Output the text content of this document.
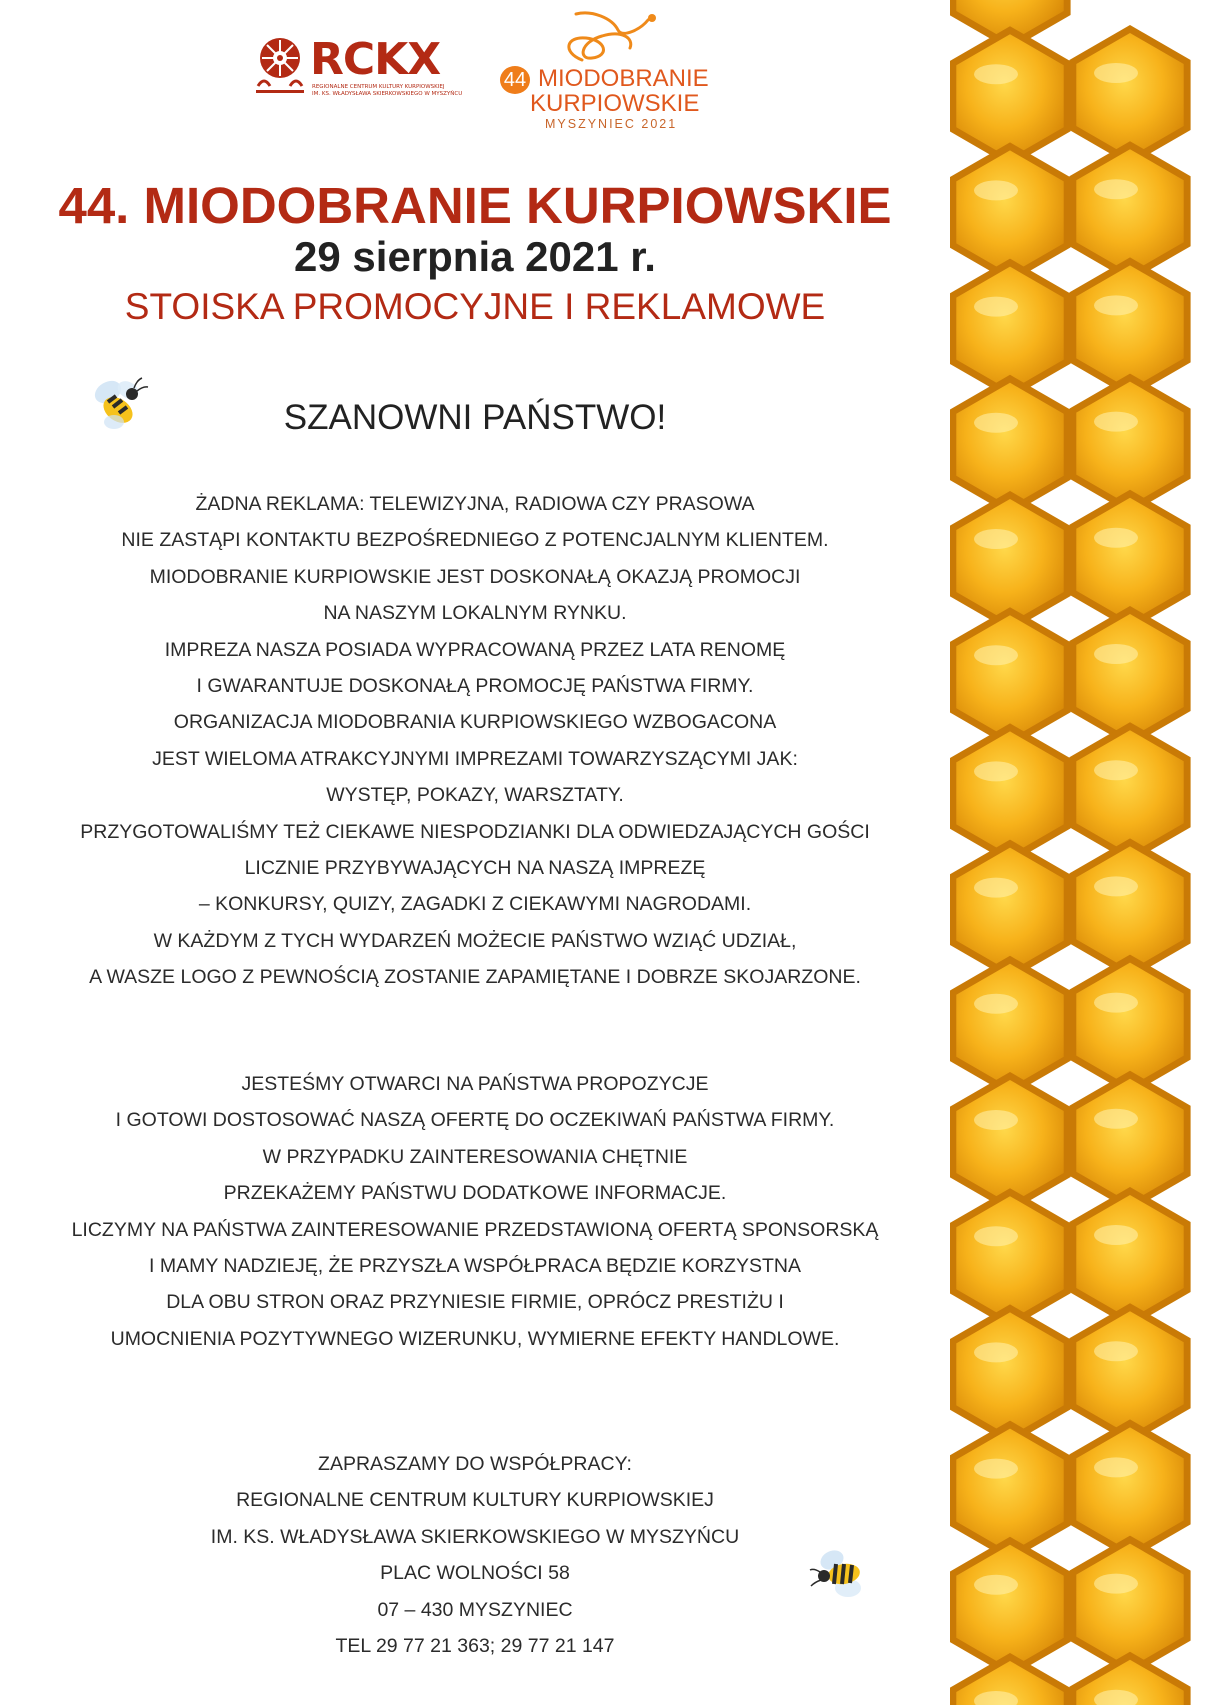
RCKX
REGIONALNE CENTRUM KULTURY KURPIOWSKIEJ
IM. KS. WŁADYSŁAWA SKIERKOWSKIEGO W MYSZYŃCU
44 MIODOBRANIE
KURPIOWSKIE
MYSZYNIEC 2021
44. MIODOBRANIE KURPIOWSKIE
29 sierpnia 2021 r.
STOISKA PROMOCYJNE I REKLAMOWE
SZANOWNI PAŃSTWO!
ŻADNA REKLAMA: TELEWIZYJNA, RADIOWA CZY PRASOWA
NIE ZASTĄPI KONTAKTU BEZPOŚREDNIEGO Z POTENCJALNYM KLIENTEM.
MIODOBRANIE KURPIOWSKIE JEST DOSKONAŁĄ OKAZJĄ PROMOCJI
NA NASZYM LOKALNYM RYNKU.
IMPREZA NASZA POSIADA WYPRACOWANĄ PRZEZ LATA RENOMĘ
I GWARANTUJE DOSKONAŁĄ PROMOCJĘ PAŃSTWA FIRMY.
ORGANIZACJA MIODOBRANIA KURPIOWSKIEGO WZBOGACONA
JEST WIELOMA ATRAKCYJNYMI IMPREZAMI TOWARZYSZĄCYMI JAK:
WYSTĘP, POKAZY, WARSZTATY.
PRZYGOTOWALIŚMY TEŻ CIEKAWE NIESPODZIANKI DLA ODWIEDZAJĄCYCH GOŚCI
LICZNIE PRZYBYWAJĄCYCH NA NASZĄ IMPREZĘ
– KONKURSY, QUIZY, ZAGADKI Z CIEKAWYMI NAGRODAMI.
W KAŻDYM Z TYCH WYDARZEŃ MOŻECIE PAŃSTWO WZIĄĆ UDZIAŁ,
A WASZE LOGO Z PEWNOŚCIĄ ZOSTANIE ZAPAMIĘTANE I DOBRZE SKOJARZONE.
JESTEŚMY OTWARCI NA PAŃSTWA PROPOZYCJE
I GOTOWI DOSTOSOWAĆ NASZĄ OFERTĘ DO OCZEKIWAŃ PAŃSTWA FIRMY.
W PRZYPADKU ZAINTERESOWANIA CHĘTNIE
PRZEKAŻEMY PAŃSTWU DODATKOWE INFORMACJE.
LICZYMY NA PAŃSTWA ZAINTERESOWANIE PRZEDSTAWIONĄ OFERTĄ SPONSORSKĄ
I MAMY NADZIEJĘ, ŻE PRZYSZŁA WSPÓŁPRACA BĘDZIE KORZYSTNA
DLA OBU STRON ORAZ PRZYNIESIE FIRMIE, OPRÓCZ PRESTIŻU I
UMOCNIENIA POZYTYWNEGO WIZERUNKU, WYMIERNE EFEKTY HANDLOWE.
ZAPRASZAMY DO WSPÓŁPRACY:
REGIONALNE CENTRUM KULTURY KURPIOWSKIEJ
IM. KS. WŁADYSŁAWA SKIERKOWSKIEGO W MYSZYŃCU
PLAC WOLNOŚCI 58
07 – 430 MYSZYNIEC
TEL 29 77 21 363; 29 77 21 147
